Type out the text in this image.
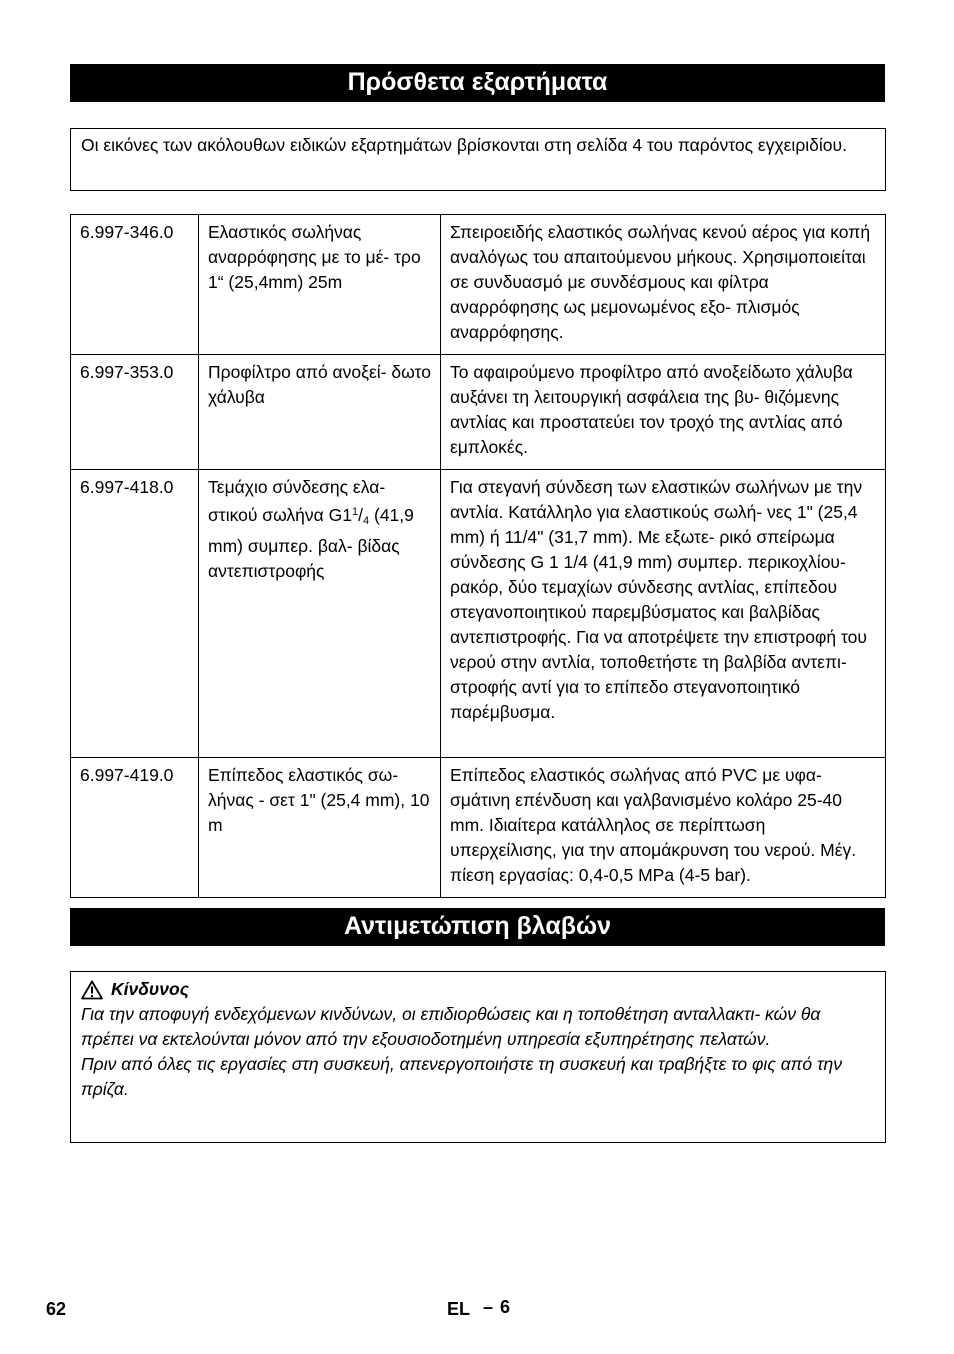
Πρόσθετα εξαρτήματα
Οι εικόνες των ακόλουθων ειδικών εξαρτημάτων βρίσκονται στη σελίδα 4 του παρόντος εγχειριδίου.
6.997-346.0	Ελαστικός σωλήνας αναρρόφησης με το μέ- τρο 1“ (25,4mm) 25m	Σπειροειδής ελαστικός σωλήνας κενού αέρος για κοπή αναλόγως του απαιτούμενου μήκους. Χρησιμοποιείται σε συνδυασμό με συνδέσμους και φίλτρα αναρρόφησης ως μεμονωμένος εξο- πλισμός αναρρόφησης.
6.997-353.0	Προφίλτρο από ανοξεί- δωτο χάλυβα	Το αφαιρούμενο προφίλτρο από ανοξείδωτο χάλυβα αυξάνει τη λειτουργική ασφάλεια της βυ- θιζόμενης αντλίας και προστατεύει τον τροχό της αντλίας από εμπλοκές.
6.997-418.0	Τεμάχιο σύνδεσης ελα- στικού σωλήνα $G1^1/_4$ (41,9 mm) συμπερ. βαλ- βίδας αντεπιστροφής	Για στεγανή σύνδεση των ελαστικών σωλήνων με την αντλία. Κατάλληλο για ελαστικούς σωλή- νες 1" (25,4 mm) ή 11/4" (31,7 mm). Με εξωτε- ρικό σπείρωμα σύνδεσης G 1 1/4 (41,9 mm) συμπερ. περικοχλίου-ρακόρ, δύο τεμαχίων σύνδεσης αντλίας, επίπεδου στεγανοποιητικού παρεμβύσματος και βαλβίδας αντεπιστροφής. Για να αποτρέψετε την επιστροφή του νερού στην αντλία, τοποθετήστε τη βαλβίδα αντεπι- στροφής αντί για το επίπεδο στεγανοποιητικό παρέμβυσμα.
6.997-419.0	Επίπεδος ελαστικός σω- λήνας - σετ 1" (25,4 mm), 10 m	Επίπεδος ελαστικός σωλήνας από PVC με υφα- σμάτινη επένδυση και γαλβανισμένο κολάρο 25-40 mm. Ιδιαίτερα κατάλληλος σε περίπτωση υπερχείλισης, για την απομάκρυνση του νερού. Μέγ. πίεση εργασίας: 0,4-0,5 MPa (4-5 bar).
Αντιμετώπιση βλαβών
Κίνδυνος

Για την αποφυγή ενδεχόμενων κινδύνων, οι επιδιορθώσεις και η τοποθέτηση ανταλλακτι- κών θα πρέπει να εκτελούνται μόνον από την εξουσιοδοτημένη υπηρεσία εξυπηρέτησης πελατών.

Πριν από όλες τις εργασίες στη συσκευή, απενεργοποιήστε τη συσκευή και τραβήξτε το φις από την πρίζα.

62	EL – 6
